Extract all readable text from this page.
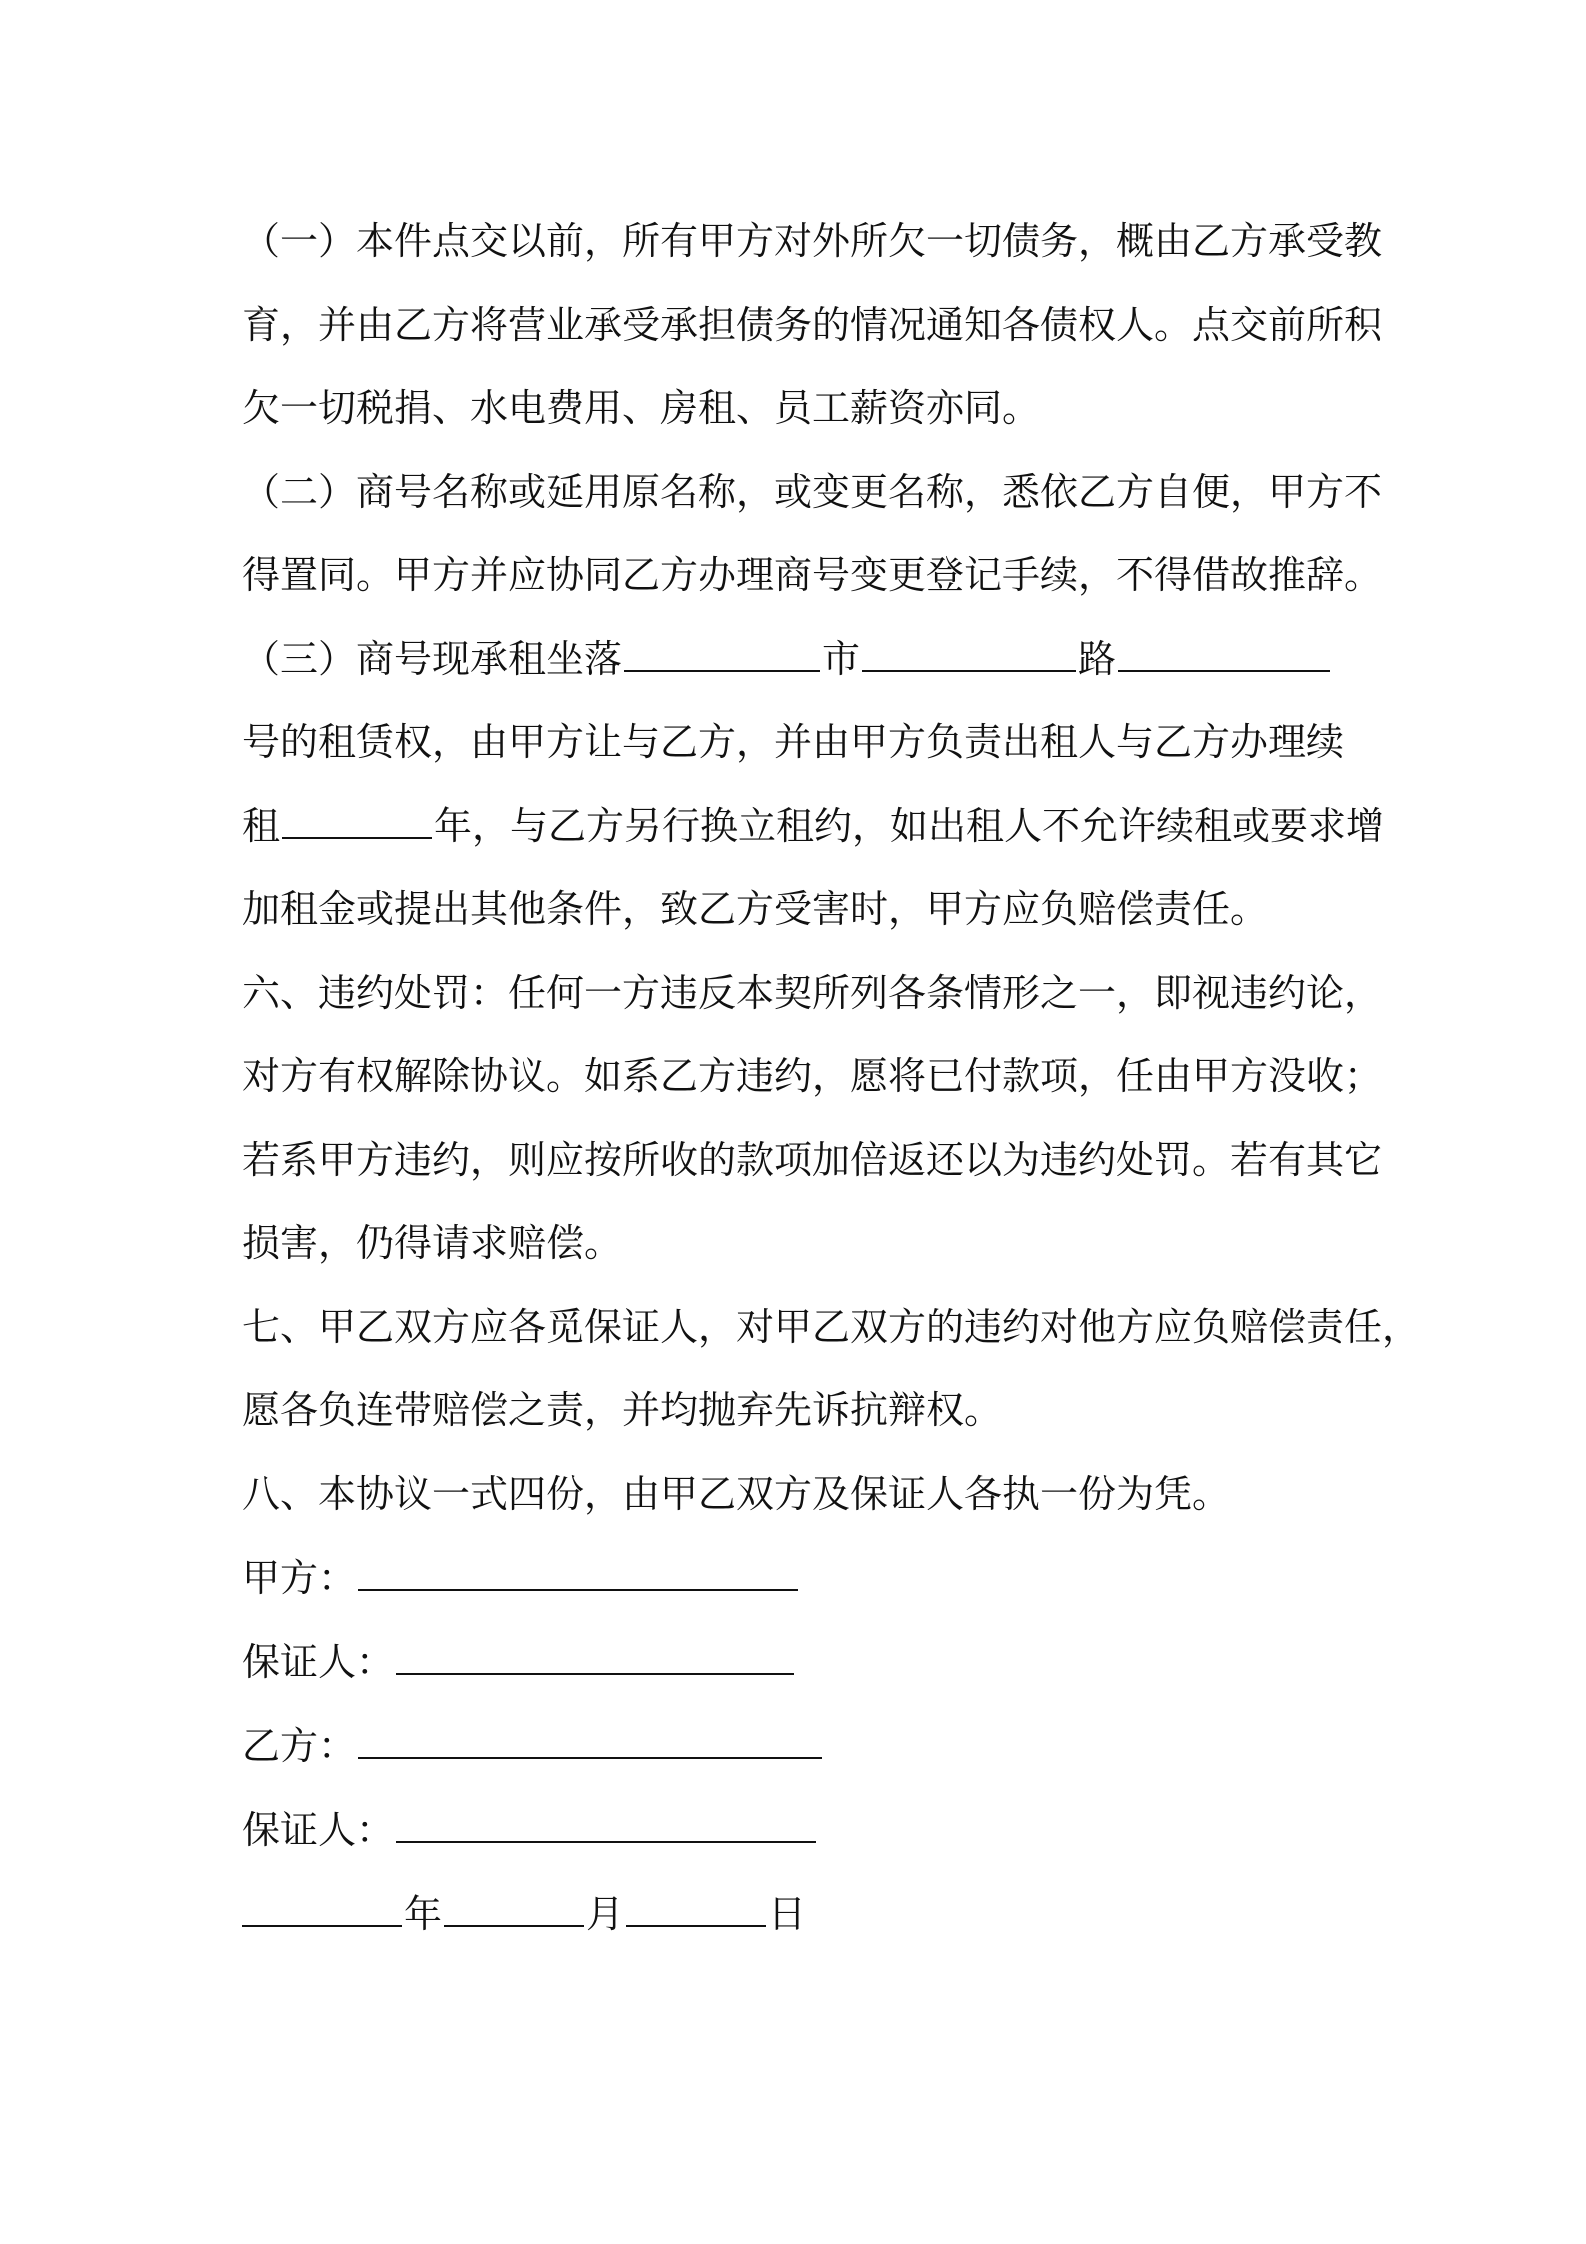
（一）本件点交以前，所有甲方对外所欠一切债务，概由乙方承受教
育，并由乙方将营业承受承担债务的情况通知各债权人。点交前所积
欠一切税捐、水电费用、房租、员工薪资亦同。
（二）商号名称或延用原名称，或变更名称，悉依乙方自便，甲方不
得置同。甲方并应协同乙方办理商号变更登记手续，不得借故推辞。
（三）商号现承租坐落	市	路
号的租赁权，由甲方让与乙方，并由甲方负责出租人与乙方办理续
租	年，与乙方另行换立租约，如出租人不允许续租或要求增
加租金或提出其他条件，致乙方受害时，甲方应负赔偿责任。
六、违约处罚：任何一方违反本契所列各条情形之一，即视违约论，
对方有权解除协议。如系乙方违约，愿将已付款项，任由甲方没收；
若系甲方违约，则应按所收的款项加倍返还以为违约处罚。若有其它
损害，仍得请求赔偿。
七、甲乙双方应各觅保证人，对甲乙双方的违约对他方应负赔偿责任，
愿各负连带赔偿之责，并均抛弃先诉抗辩权。
八、本协议一式四份，由甲乙双方及保证人各执一份为凭。
甲方：
保证人：
乙方：
保证人：
年	月	日
